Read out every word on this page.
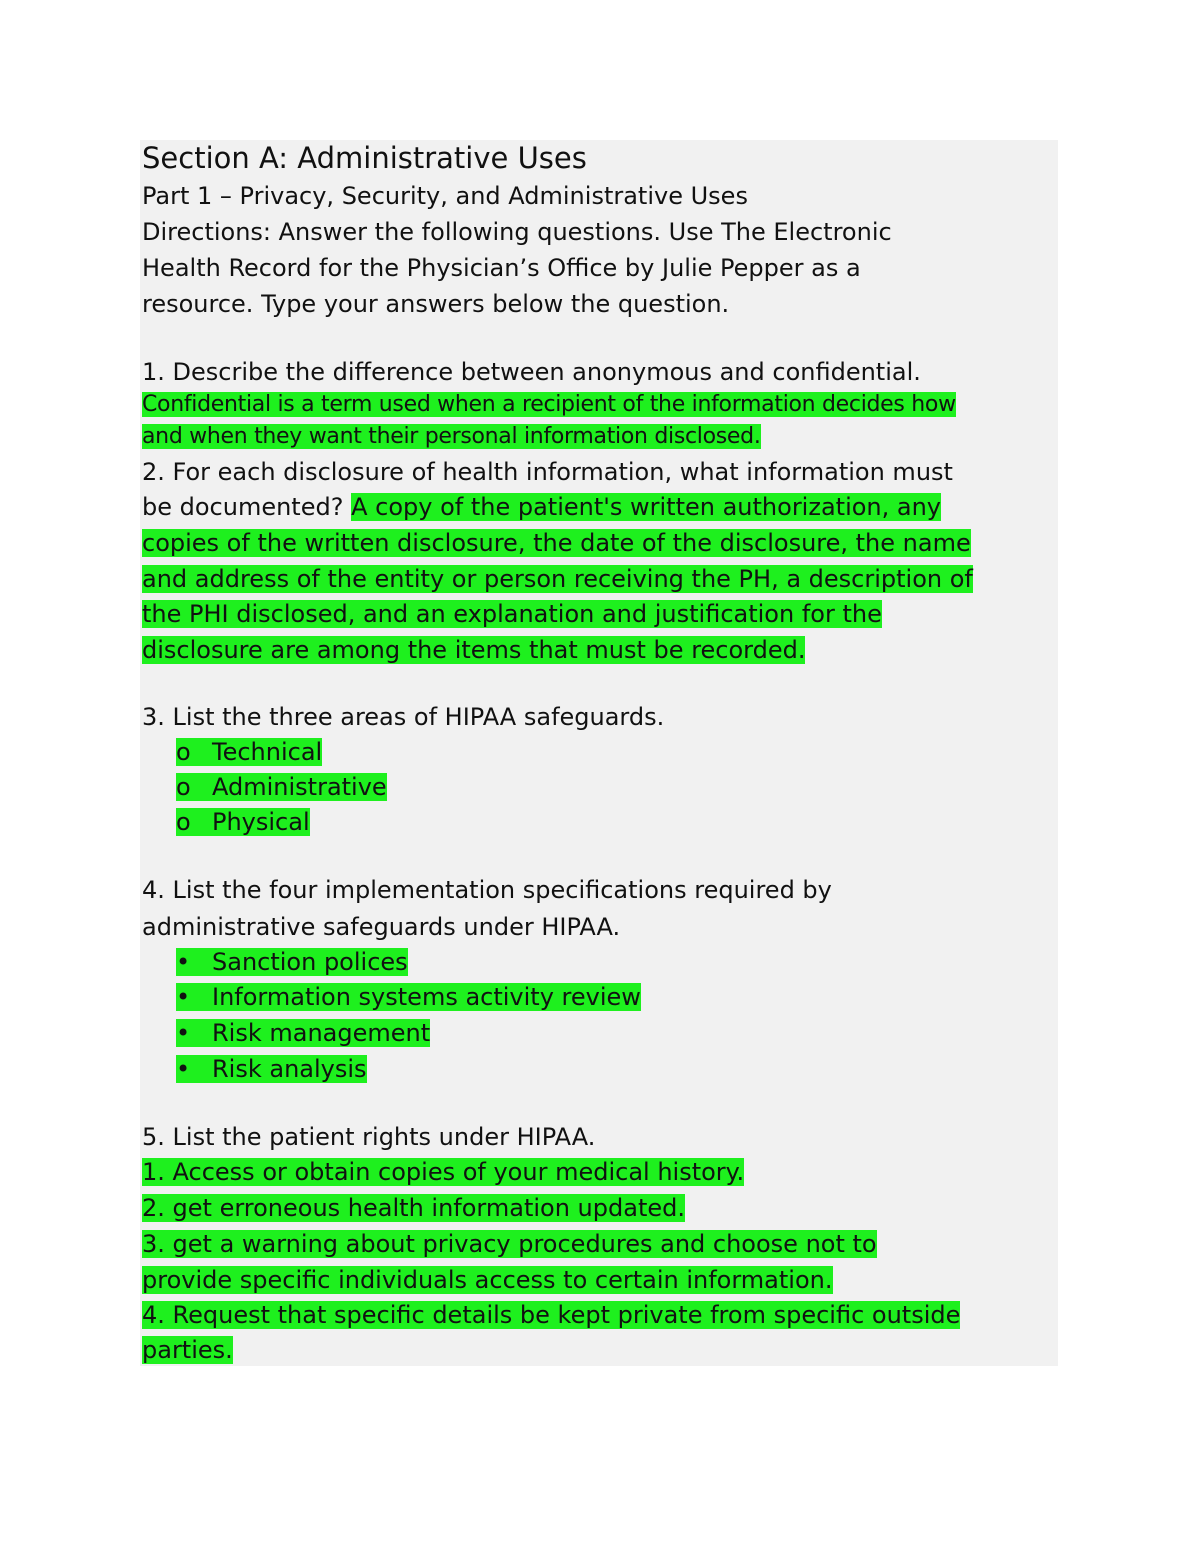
Section A: Administrative Uses
Part 1 – Privacy, Security, and Administrative Uses
Directions: Answer the following questions. Use The Electronic
Health Record for the Physician’s Office by Julie Pepper as a
resource. Type your answers below the question.
1. Describe the difference between anonymous and confidential.
Confidential is a term used when a recipient of the information decides how
and when they want their personal information disclosed.
2. For each disclosure of health information, what information must
be documented? A copy of the patient's written authorization, any
copies of the written disclosure, the date of the disclosure, the name
and address of the entity or person receiving the PH, a description of
the PHI disclosed, and an explanation and justification for the
disclosure are among the items that must be recorded.
3. List the three areas of HIPAA safeguards.
o Technical
o Administrative
o Physical
4. List the four implementation specifications required by
administrative safeguards under HIPAA.
• Sanction polices
• Information systems activity review
• Risk management
• Risk analysis
5. List the patient rights under HIPAA.
1. Access or obtain copies of your medical history.
2. get erroneous health information updated.
3. get a warning about privacy procedures and choose not to
provide specific individuals access to certain information.
4. Request that specific details be kept private from specific outside
parties.
